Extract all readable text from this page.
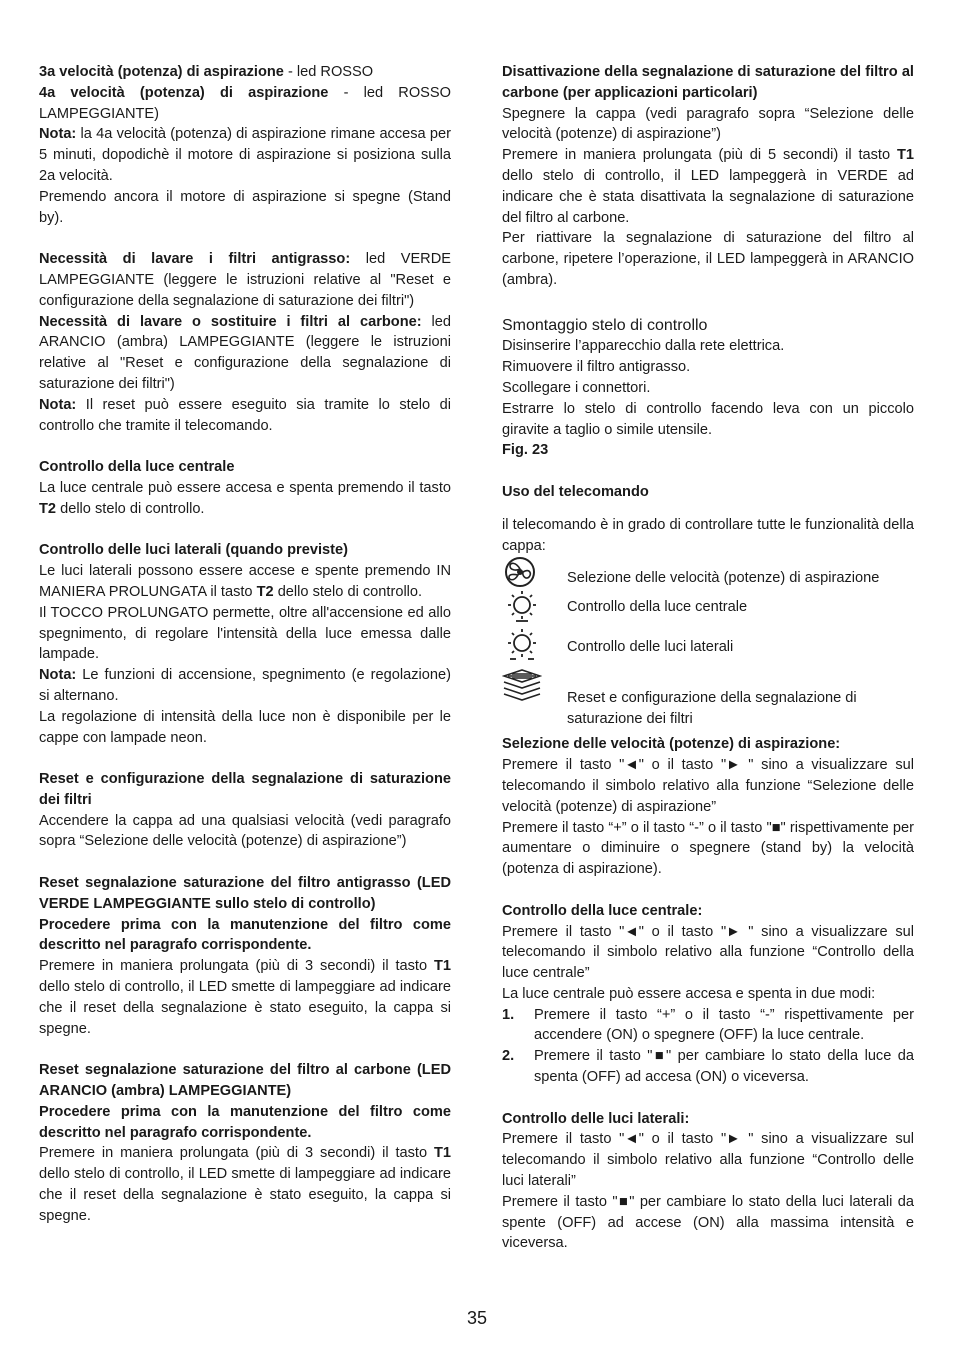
3a velocità (potenza) di aspirazione - led ROSSO

4a velocità (potenza) di aspirazione - led ROSSO LAMPEGGIANTE)

Nota: la 4a velocità (potenza) di aspirazione rimane accesa per 5 minuti, dopodichè il motore di aspirazione si posiziona sulla 2a velocità.

Premendo ancora il motore di aspirazione si spegne (Stand by).

Necessità di lavare i filtri antigrasso: led VERDE LAMPEGGIANTE (leggere le istruzioni relative al "Reset e configurazione della segnalazione di saturazione dei filtri")

Necessità di lavare o sostituire i filtri al carbone: led ARANCIO (ambra) LAMPEGGIANTE (leggere le istruzioni relative al "Reset e configurazione della segnalazione di saturazione dei filtri")

Nota: Il reset può essere eseguito sia tramite lo stelo di controllo che tramite il telecomando.

Controllo della luce centrale

La luce centrale può essere accesa e spenta premendo il tasto T2 dello stelo di controllo.

Controllo delle luci laterali (quando previste)

Le luci laterali possono essere accese e spente premendo IN MANIERA PROLUNGATA il tasto T2 dello stelo di controllo.

Il TOCCO PROLUNGATO permette, oltre all'accensione ed allo spegnimento, di regolare l'intensità della luce emessa dalle lampade.

Nota: Le funzioni di accensione, spegnimento (e regolazione) si alternano.

La regolazione di intensità della luce non è disponibile per le cappe con lampade neon.

Reset e configurazione della segnalazione di saturazione dei filtri

Accendere la cappa ad una qualsiasi velocità (vedi paragrafo sopra “Selezione delle velocità (potenze) di aspirazione”)

Reset segnalazione saturazione del filtro antigrasso (LED VERDE LAMPEGGIANTE sullo stelo di controllo)

Procedere prima con la manutenzione del filtro come descritto nel paragrafo corrispondente.

Premere in maniera prolungata (più di 3 secondi) il tasto T1 dello stelo di controllo, il LED smette di lampeggiare ad indicare che il reset della segnalazione è stato eseguito, la cappa si spegne.

Reset segnalazione saturazione del filtro al carbone (LED ARANCIO (ambra) LAMPEGGIANTE)

Procedere prima con la manutenzione del filtro come descritto nel paragrafo corrispondente.

Premere in maniera prolungata (più di 3 secondi) il tasto T1 dello stelo di controllo, il LED smette di lampeggiare ad indicare che il reset della segnalazione è stato eseguito, la cappa si spegne.

Disattivazione della segnalazione di saturazione del filtro al carbone (per applicazioni particolari)

Spegnere la cappa (vedi paragrafo sopra “Selezione delle velocità (potenze) di aspirazione”)

Premere in maniera prolungata (più di 5 secondi) il tasto T1 dello stelo di controllo, il LED lampeggerà in VERDE ad indicare che è stata disattivata la segnalazione di saturazione del filtro al carbone.

Per riattivare la segnalazione di saturazione del filtro al carbone, ripetere l’operazione, il LED lampeggerà in ARANCIO (ambra).

Smontaggio stelo di controllo

Disinserire l’apparecchio dalla rete elettrica.

Rimuovere il filtro antigrasso.

Scollegare i connettori.

Estrarre lo stelo di controllo facendo leva con un piccolo giravite a taglio o simile utensile.

Fig. 23

Uso del telecomando

il telecomando è in grado di controllare tutte le funzionalità della cappa:

Selezione delle velocità (potenze) di aspirazione
Controllo della luce centrale
Controllo delle luci laterali
Reset e configurazione della segnalazione di saturazione dei filtri

Selezione delle velocità (potenze) di aspirazione:

Premere il tasto "◄" o il tasto "► " sino a visualizzare sul telecomando il simbolo relativo alla funzione “Selezione delle velocità (potenze) di aspirazione”

Premere il tasto “+” o il tasto “-” o il tasto "■" rispettivamente per aumentare o diminuire o spegnere (stand by) la velocità (potenza di aspirazione).

Controllo della luce centrale:

Premere il tasto "◄" o il tasto "► " sino a visualizzare sul telecomando il simbolo relativo alla funzione “Controllo della luce centrale”

La luce centrale può essere accesa e spenta in due modi:

1. Premere il tasto “+” o il tasto “-” rispettivamente per accendere (ON) o spegnere (OFF) la luce centrale.
2. Premere il tasto "■" per cambiare lo stato della luce da spenta (OFF) ad accesa (ON) o viceversa.

Controllo delle luci laterali:

Premere il tasto "◄" o il tasto "► " sino a visualizzare sul telecomando il simbolo relativo alla funzione “Controllo delle luci laterali”

Premere il tasto "■" per cambiare lo stato della luci laterali da spente (OFF) ad accese (ON) alla massima intensità e viceversa.

35
